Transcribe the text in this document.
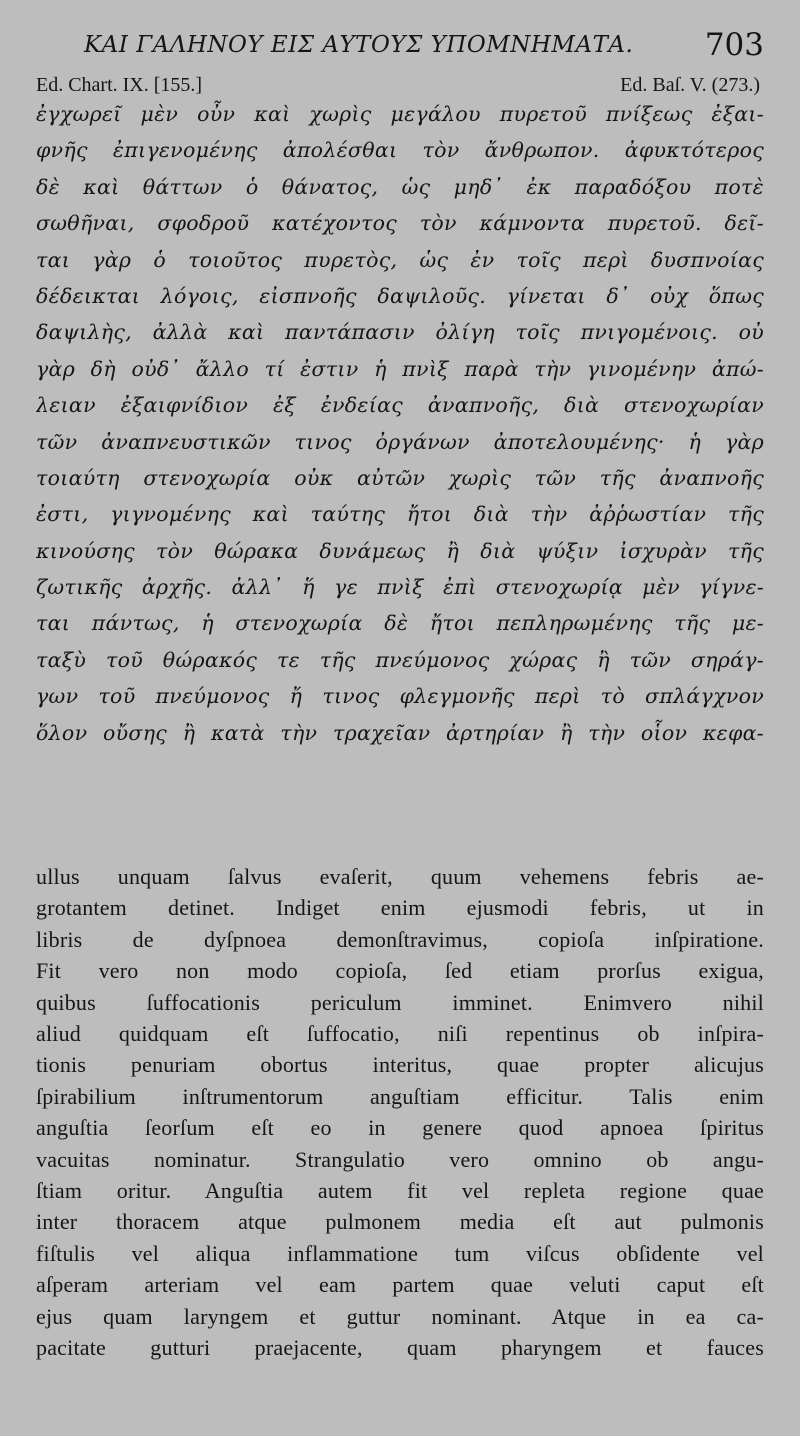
ΚΑΙ ΓΑΛΗΝΟΥ ΕΙΣ ΑΥΤΟΥΣ ΥΠΟΜΝΗΜΑΤΑ. 703
Ed. Chart. IX. [155.]	Ed. Baſ. V. (273.)
ἐγχωρεῖ μὲν οὖν καὶ χωρὶς μεγάλου πυρετοῦ πνίξεως ἐξαι-
φνῆς ἐπιγενομένης ἀπολέσθαι τὸν ἄνθρωπον. ἀφυκτότερος
δὲ καὶ θάττων ὁ θάνατος, ὡς μηδ᾽ ἐκ παραδόξου ποτὲ
σωθῆναι, σφοδροῦ κατέχοντος τὸν κάμνοντα πυρετοῦ. δεῖ-
ται γὰρ ὁ τοιοῦτος πυρετὸς, ὡς ἐν τοῖς περὶ δυσπνοίας
δέδεικται λόγοις, εἰσπνοῆς δαψιλοῦς. γίνεται δ᾽ οὐχ ὅπως
δαψιλὴς, ἀλλὰ καὶ παντάπασιν ὀλίγη τοῖς πνιγομένοις. οὐ
γὰρ δὴ οὐδ᾽ ἄλλο τί ἐστιν ἡ πνὶξ παρὰ τὴν γινομένην ἀπώ-
λειαν ἐξαιφνίδιον ἐξ ἐνδείας ἀναπνοῆς, διὰ στενοχωρίαν
τῶν ἀναπνευστικῶν τινος ὀργάνων ἀποτελουμένης· ἡ γὰρ
τοιαύτη στενοχωρία οὐκ αὐτῶν χωρὶς τῶν τῆς ἀναπνοῆς
ἐστι, γιγνομένης καὶ ταύτης ἤτοι διὰ τὴν ἀῤῥωστίαν τῆς
κινούσης τὸν θώρακα δυνάμεως ἢ διὰ ψύξιν ἰσχυρὰν τῆς
ζωτικῆς ἀρχῆς. ἀλλ᾽ ἥ γε πνὶξ ἐπὶ στενοχωρίᾳ μὲν γίγνε-
ται πάντως, ἡ στενοχωρία δὲ ἤτοι πεπληρωμένης τῆς με-
ταξὺ τοῦ θώρακός τε τῆς πνεύμονος χώρας ἢ τῶν σηράγ-
γων τοῦ πνεύμονος ἤ τινος φλεγμονῆς περὶ τὸ σπλάγχνον
ὅλον οὔσης ἢ κατὰ τὴν τραχεῖαν ἀρτηρίαν ἢ τὴν οἷον κεφα-
ullus unquam ſalvus evaſerit, quum vehemens febris ae-
grotantem detinet. Indiget enim ejusmodi febris, ut in
libris de dyſpnoea demonſtravimus, copioſa inſpiratione.
Fit vero non modo copioſa, ſed etiam prorſus exigua,
quibus ſuffocationis periculum imminet. Enimvero nihil
aliud quidquam eſt ſuffocatio, niſi repentinus ob inſpira-
tionis penuriam obortus interitus, quae propter alicujus
ſpirabilium inſtrumentorum anguſtiam efficitur. Talis enim
anguſtia ſeorſum eſt eo in genere quod apnoea ſpiritus
vacuitas nominatur. Strangulatio vero omnino ob angu-
ſtiam oritur. Anguſtia autem fit vel repleta regione quae
inter thoracem atque pulmonem media eſt aut pulmonis
fiſtulis vel aliqua inflammatione tum viſcus obſidente vel
aſperam arteriam vel eam partem quae veluti caput eſt
ejus quam laryngem et guttur nominant. Atque in ea ca-
pacitate gutturi praejacente, quam pharyngem et fauces
